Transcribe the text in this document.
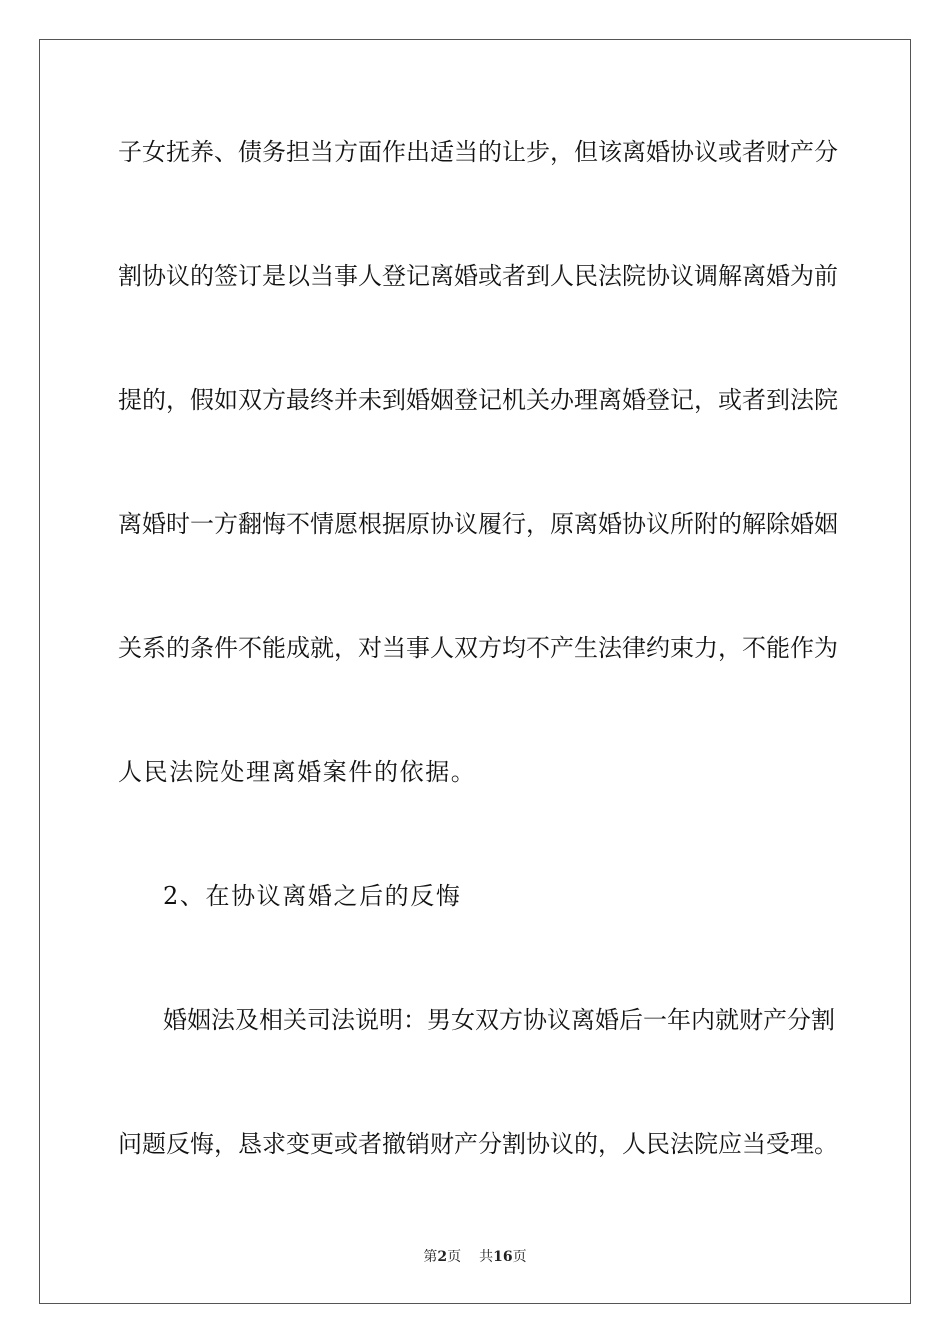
子女抚养、债务担当方面作出适当的让步，但该离婚协议或者财产分
割协议的签订是以当事人登记离婚或者到人民法院协议调解离婚为前
提的，假如双方最终并未到婚姻登记机关办理离婚登记，或者到法院
离婚时一方翻悔不情愿根据原协议履行，原离婚协议所附的解除婚姻
关系的条件不能成就，对当事人双方均不产生法律约束力，不能作为
人民法院处理离婚案件的依据。
2、在协议离婚之后的反悔
婚姻法及相关司法说明：男女双方协议离婚后一年内就财产分割
问题反悔，恳求变更或者撤销财产分割协议的，人民法院应当受理。
第2页 共16页
